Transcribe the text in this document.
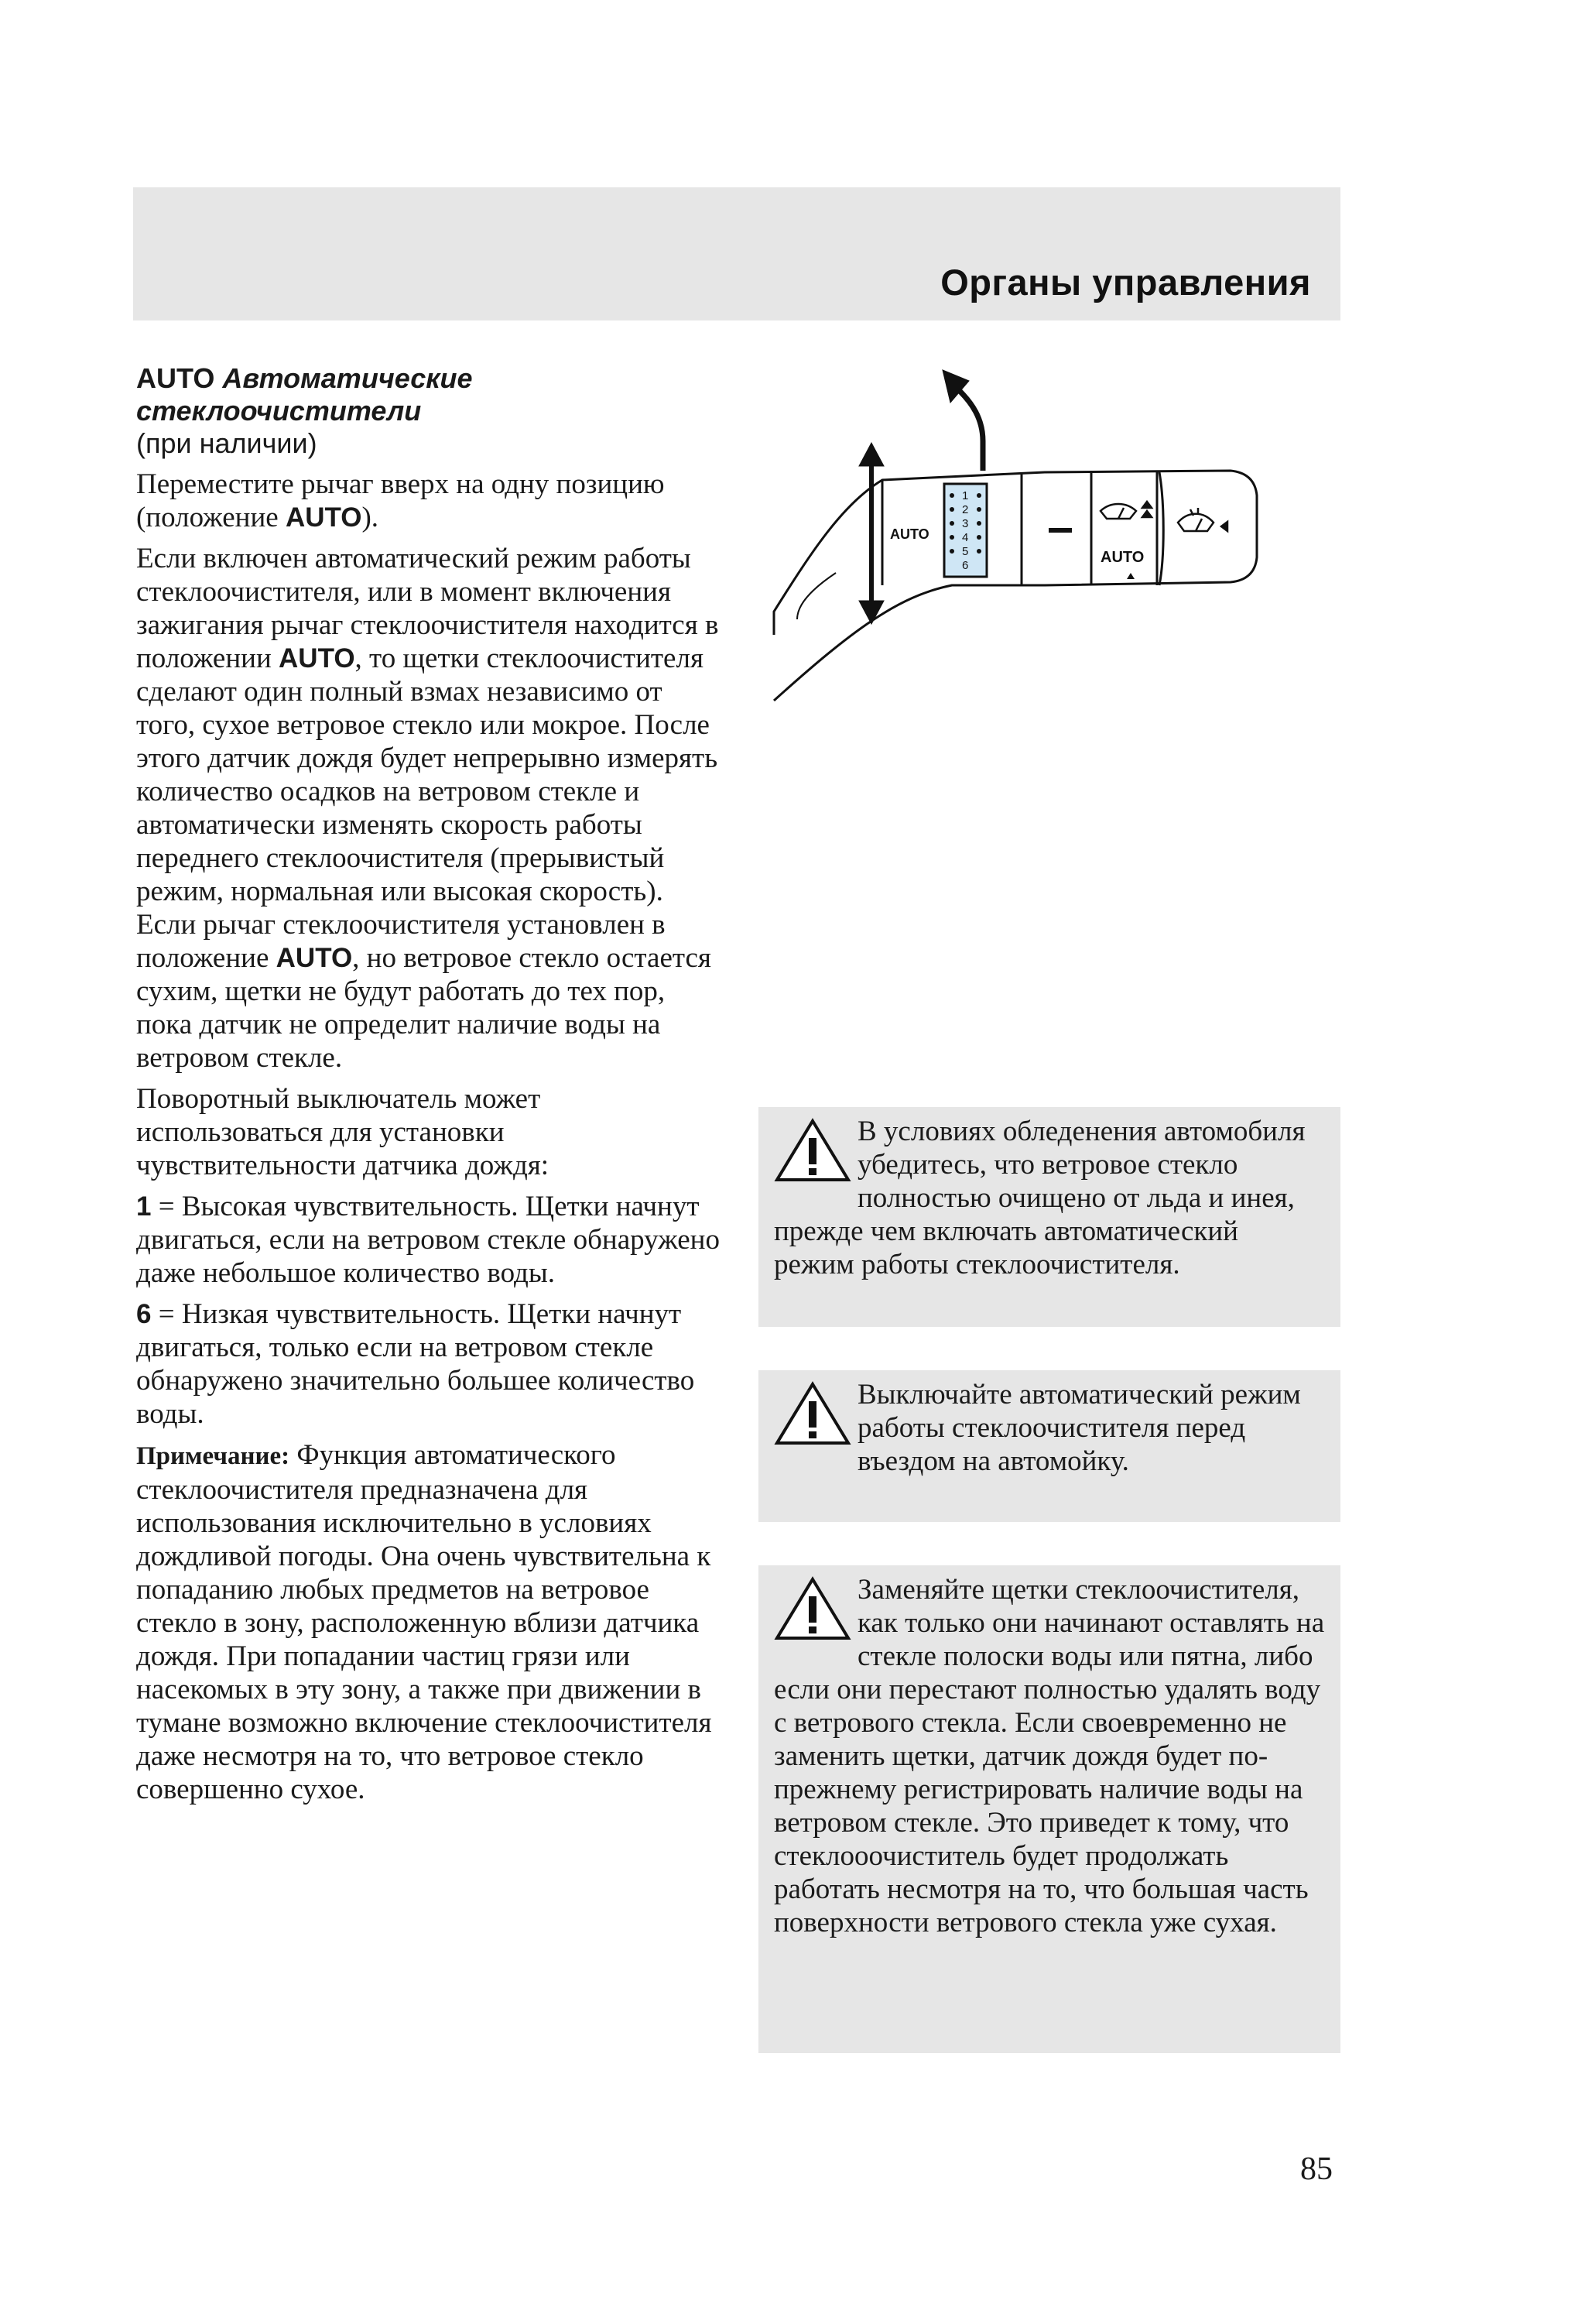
Органы управления
AUTO Автоматические стеклоочистители
(при наличии)

Переместите рычаг вверх на одну позицию (положение AUTO).

Если включен автоматический режим работы стеклоочистителя, или в момент включения зажигания рычаг стеклоочистителя находится в положении AUTO, то щетки стеклоочистителя сделают один полный взмах независимо от того, сухое ветровое стекло или мокрое. После этого датчик дождя будет непрерывно измерять количество осадков на ветровом стекле и автоматически изменять скорость работы переднего стеклоочистителя (прерывистый режим, нормальная или высокая скорость). Если рычаг стеклоочистителя установлен в положение AUTO, но ветровое стекло остается сухим, щетки не будут работать до тех пор, пока датчик не определит наличие воды на ветровом стекле.

Поворотный выключатель может использоваться для установки чувствительности датчика дождя:

1 = Высокая чувствительность. Щетки начнут двигаться, если на ветровом стекле обнаружено даже небольшое количество воды.

6 = Низкая чувствительность. Щетки начнут двигаться, только если на ветровом стекле обнаружено значительно большее количество воды.

Примечание: Функция автоматического стеклоочистителя предназначена для использования исключительно в условиях дождливой погоды. Она очень чувствительна к попаданию любых предметов на ветровое стекло в зону, расположенную вблизи датчика дождя. При попадании частиц грязи или насекомых в эту зону, а также при движении в тумане возможно включение стеклоочистителя даже несмотря на то, что ветровое стекло совершенно сухое.

AUTO
1
2
3
4
5
6	AUTO
В условиях обледенения автомобиля убедитесь, что ветровое стекло полностью очищено от льда и инея, прежде чем включать автоматический режим работы стеклоочистителя.
Выключайте автоматический режим работы стеклоочистителя перед въездом на автомойку.
Заменяйте щетки стеклоочистителя, как только они начинают оставлять на стекле полоски воды или пятна, либо если они перестают полностью удалять воду с ветрового стекла. Если своевременно не заменить щетки, датчик дождя будет по-прежнему регистрировать наличие воды на ветровом стекле. Это приведет к тому, что стеклооочиститель будет продолжать работать несмотря на то, что большая часть поверхности ветрового стекла уже сухая.
85
